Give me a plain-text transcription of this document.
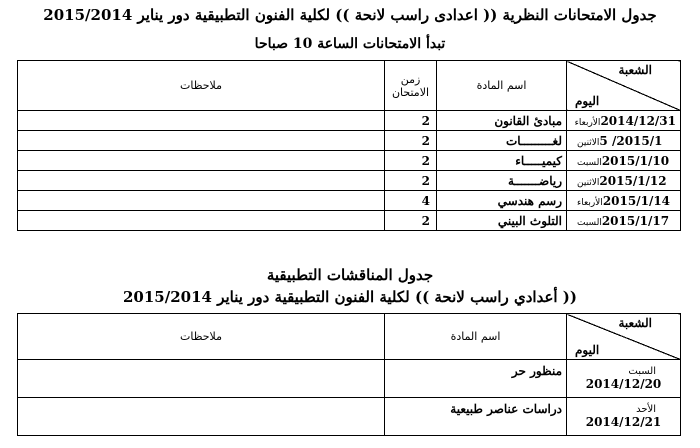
جدول الامتحانات النظرية (( اعدادى راسب لانحة )) لكلية الفنون التطبيقية دور يناير 2015/2014
تبدأ الامتحانات الساعة 10 صباحا
الشعبة
اليوم	اسم المادة	زمن الامتحان	ملاحظات
2014/12/31الأربعاء	مبادئ القانون	2	
2015/1/ 5الاثنين	لغـــــــــات	2	
2015/1/10السبت	كيميـــــاء	2	
2015/1/12الاثنين	رياضـــــــة	2	
2015/1/14الأربعاء	رسم هندسي	4	
2015/1/17السبت	التلوث البيني	2	
جدول المناقشات التطبيقية
(( أعدادي راسب لانحة )) لكلية الفنون التطبيقية دور يناير 2015/2014
الشعبة
اليوم	اسم المادة	ملاحظات

السبت
2014/12/20	منظور حر	

الأحد
2014/12/21	دراسات عناصر طبيعية	
